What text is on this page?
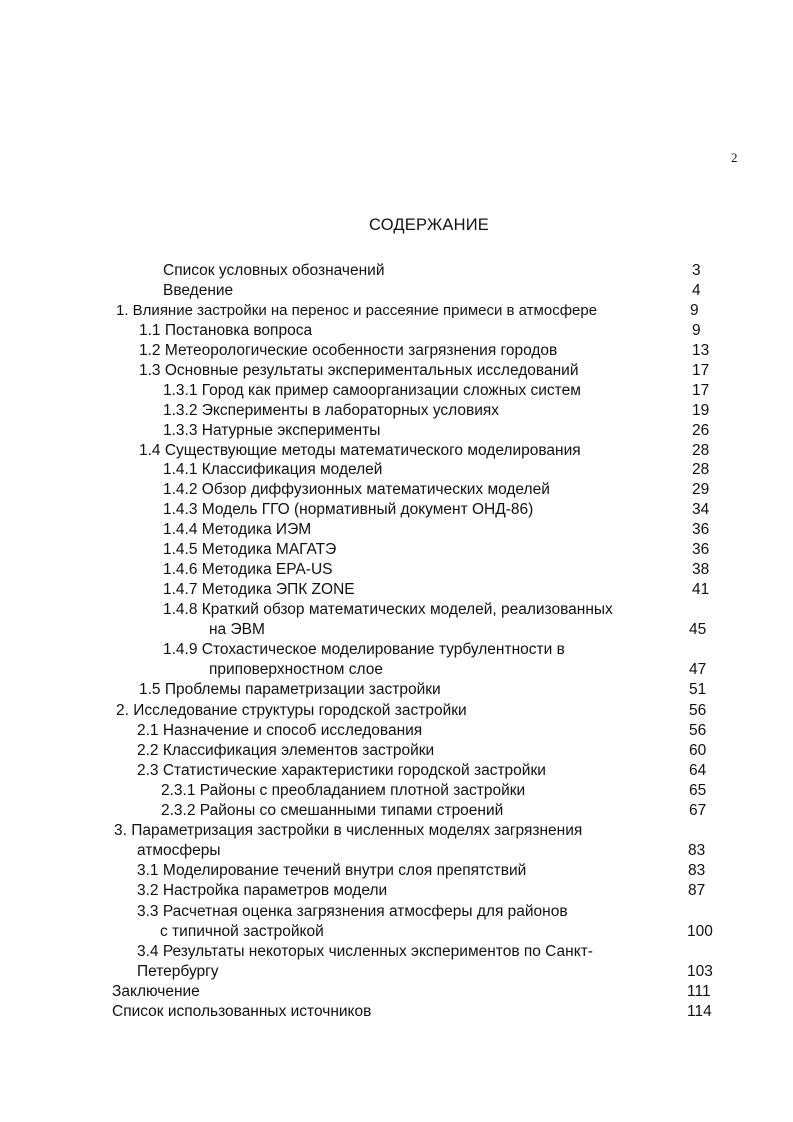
2
СОДЕРЖАНИЕ
Список условных обозначений	3
Введение	4
1. Влияние застройки на перенос и рассеяние примеси в атмосфере	9
1.1 Постановка вопроса	9
1.2 Метеорологические особенности загрязнения городов	13
1.3 Основные результаты экспериментальных исследований	17
1.3.1 Город как пример самоорганизации сложных систем	17
1.3.2 Эксперименты в лабораторных условиях	19
1.3.3 Натурные эксперименты	26
1.4 Существующие методы математического моделирования	28
1.4.1 Классификация моделей	28
1.4.2 Обзор диффузионных математических моделей	29
1.4.3 Модель ГГО (нормативный документ ОНД-86)	34
1.4.4 Методика ИЭМ	36
1.4.5 Методика МАГАТЭ	36
1.4.6 Методика EPA-US	38
1.4.7 Методика ЭПК ZONE	41
1.4.8 Краткий обзор математических моделей, реализованных
на ЭВМ	45
1.4.9 Стохастическое моделирование турбулентности в
приповерхностном слое	47
1.5 Проблемы параметризации застройки	51
2. Исследование структуры городской застройки	56
2.1 Назначение и способ исследования	56
2.2 Классификация элементов застройки	60
2.3 Статистические характеристики городской застройки	64
2.3.1 Районы с преобладанием плотной застройки	65
2.3.2 Районы со смешанными типами строений	67
3. Параметризация застройки в численных моделях загрязнения
атмосферы	83
3.1 Моделирование течений внутри слоя препятствий	83
3.2 Настройка параметров модели	87
3.3 Расчетная оценка загрязнения атмосферы для районов
с типичной застройкой	100
3.4 Результаты некоторых численных экспериментов по Санкт-
Петербургу	103
Заключение	111
Список использованных источников	114
